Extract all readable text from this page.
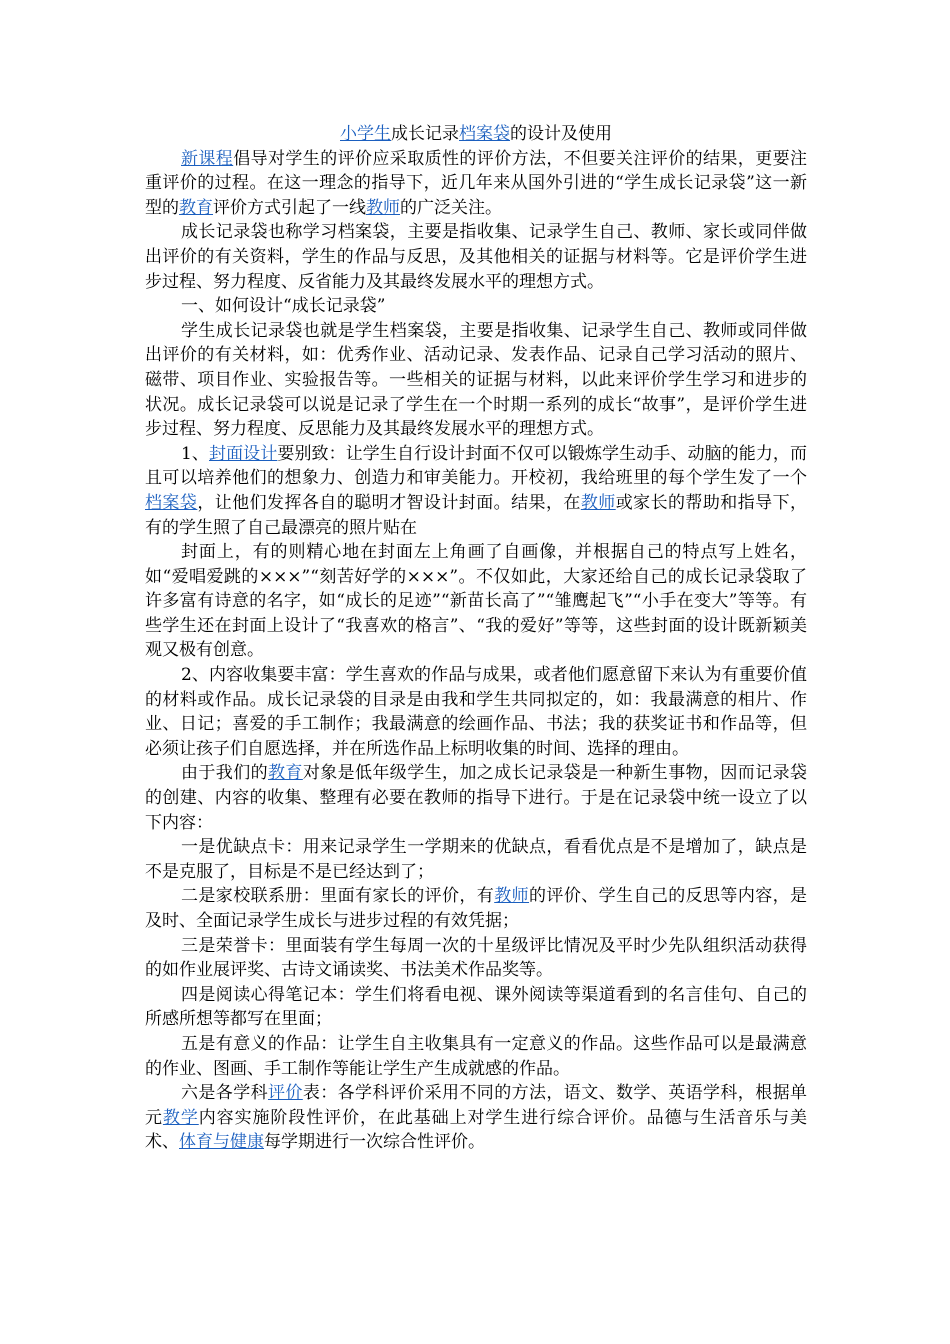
小学生成长记录档案袋的设计及使用

新课程倡导对学生的评价应采取质性的评价方法，不但要关注评价的结果，更要注重评价的过程。在这一理念的指导下，近几年来从国外引进的“学生成长记录袋”这一新型的教育评价方式引起了一线教师的广泛关注。

成长记录袋也称学习档案袋，主要是指收集、记录学生自己、教师、家长或同伴做出评价的有关资料，学生的作品与反思，及其他相关的证据与材料等。它是评价学生进步过程、努力程度、反省能力及其最终发展水平的理想方式。

一、如何设计“成长记录袋”

学生成长记录袋也就是学生档案袋，主要是指收集、记录学生自己、教师或同伴做出评价的有关材料，如：优秀作业、活动记录、发表作品、记录自己学习活动的照片、磁带、项目作业、实验报告等。一些相关的证据与材料，以此来评价学生学习和进步的状况。成长记录袋可以说是记录了学生在一个时期一系列的成长“故事”，是评价学生进步过程、努力程度、反思能力及其最终发展水平的理想方式。

1、封面设计要别致：让学生自行设计封面不仅可以锻炼学生动手、动脑的能力，而且可以培养他们的想象力、创造力和审美能力。开校初，我给班里的每个学生发了一个档案袋，让他们发挥各自的聪明才智设计封面。结果，在教师或家长的帮助和指导下，有的学生照了自己最漂亮的照片贴在

封面上，有的则精心地在封面左上角画了自画像，并根据自己的特点写上姓名，如“爱唱爱跳的×××”“刻苦好学的×××”。不仅如此，大家还给自己的成长记录袋取了许多富有诗意的名字，如“成长的足迹”“新苗长高了”“雏鹰起飞”“小手在变大”等等。有些学生还在封面上设计了“我喜欢的格言”、“我的爱好”等等，这些封面的设计既新颖美观又极有创意。

2、内容收集要丰富：学生喜欢的作品与成果，或者他们愿意留下来认为有重要价值的材料或作品。成长记录袋的目录是由我和学生共同拟定的，如：我最满意的相片、作业、日记；喜爱的手工制作；我最满意的绘画作品、书法；我的获奖证书和作品等，但必须让孩子们自愿选择，并在所选作品上标明收集的时间、选择的理由。

由于我们的教育对象是低年级学生，加之成长记录袋是一种新生事物，因而记录袋的创建、内容的收集、整理有必要在教师的指导下进行。于是在记录袋中统一设立了以下内容：

一是优缺点卡：用来记录学生一学期来的优缺点，看看优点是不是增加了，缺点是不是克服了，目标是不是已经达到了；

二是家校联系册：里面有家长的评价，有教师的评价、学生自己的反思等内容，是及时、全面记录学生成长与进步过程的有效凭据；

三是荣誉卡：里面装有学生每周一次的十星级评比情况及平时少先队组织活动获得的如作业展评奖、古诗文诵读奖、书法美术作品奖等。

四是阅读心得笔记本：学生们将看电视、课外阅读等渠道看到的名言佳句、自己的所感所想等都写在里面；

五是有意义的作品：让学生自主收集具有一定意义的作品。这些作品可以是最满意的作业、图画、手工制作等能让学生产生成就感的作品。

六是各学科评价表：各学科评价采用不同的方法，语文、数学、英语学科，根据单元教学内容实施阶段性评价，在此基础上对学生进行综合评价。品德与生活音乐与美术、体育与健康每学期进行一次综合性评价。
